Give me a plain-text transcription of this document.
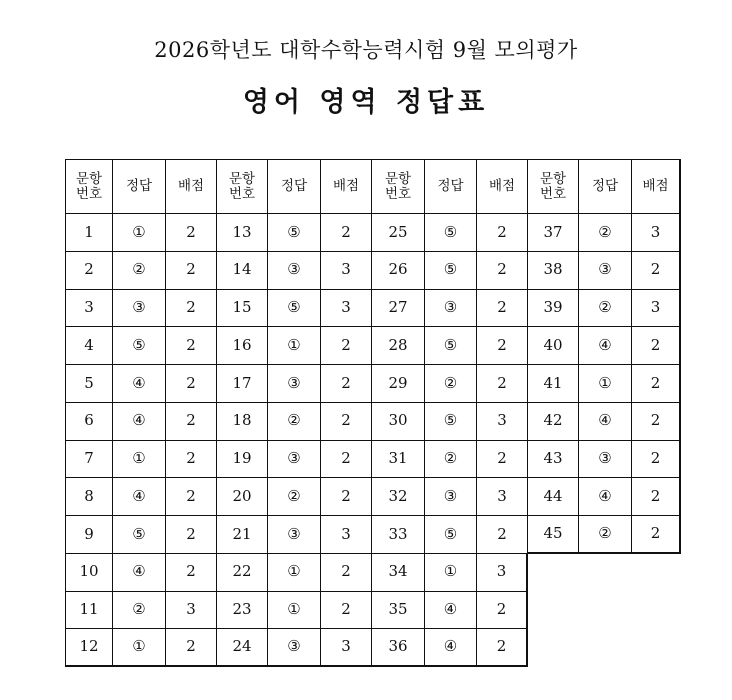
2026학년도 대학수학능력시험 9월 모의평가
영어 영역 정답표
문항
번호	정답	배점
1	①	2
2	②	2
3	③	2
4	⑤	2
5	④	2
6	④	2
7	①	2
8	④	2
9	⑤	2
10	④	2
11	②	3
12	①	2
문항
번호	정답	배점
13	⑤	2
14	③	3
15	⑤	3
16	①	2
17	③	2
18	②	2
19	③	2
20	②	2
21	③	3
22	①	2
23	①	2
24	③	3
문항
번호	정답	배점
25	⑤	2
26	⑤	2
27	③	2
28	⑤	2
29	②	2
30	⑤	3
31	②	2
32	③	3
33	⑤	2
34	①	3
35	④	2
36	④	2
문항
번호	정답	배점
37	②	3
38	③	2
39	②	3
40	④	2
41	①	2
42	④	2
43	③	2
44	④	2
45	②	2
